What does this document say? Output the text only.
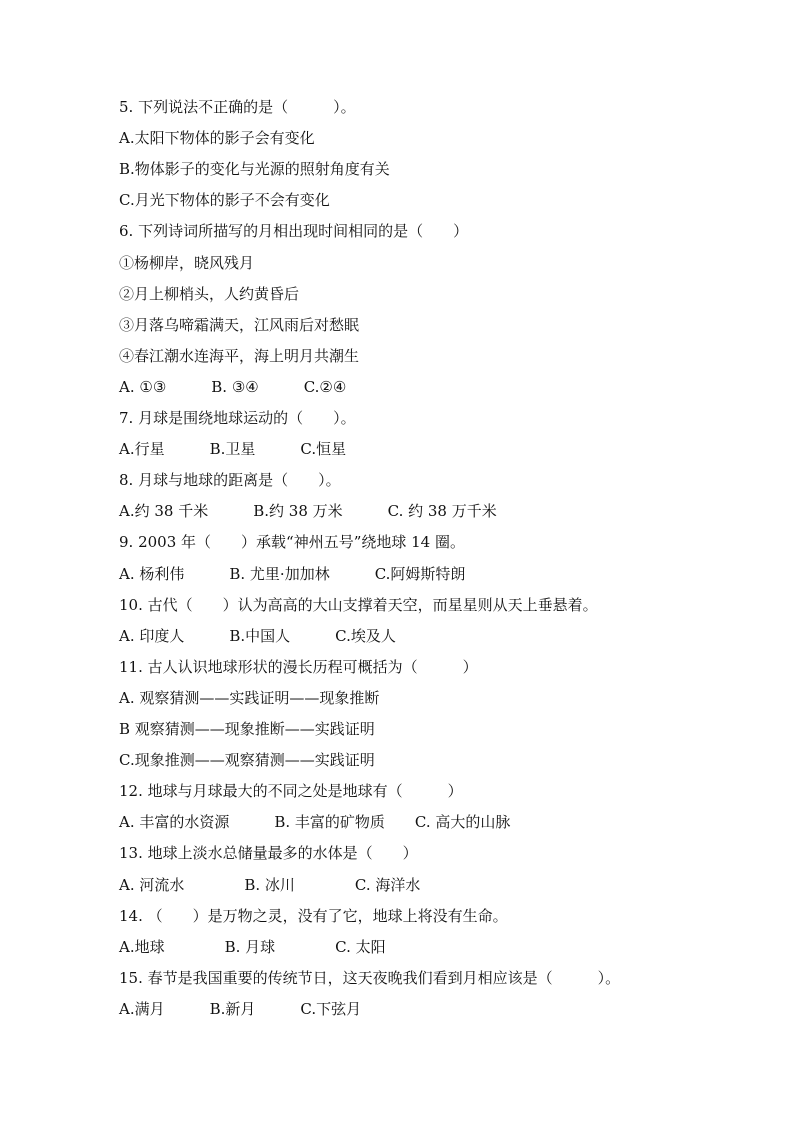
5. 下列说法不正确的是（　　　）。
A.太阳下物体的影子会有变化
B.物体影子的变化与光源的照射角度有关
C.月光下物体的影子不会有变化
6. 下列诗词所描写的月相出现时间相同的是（　　）
①杨柳岸，晓风残月
②月上柳梢头，人约黄昏后
③月落乌啼霜满天，江风雨后对愁眠
④春江潮水连海平，海上明月共潮生
A. ①③　　　B. ③④　　　C.②④
7. 月球是围绕地球运动的（　　）。
A.行星　　　B.卫星　　　C.恒星
8. 月球与地球的距离是（　　）。
A.约 38 千米　　　B.约 38 万米　　　C. 约 38 万千米
9. 2003 年（　　）承载“神州五号”绕地球 14 圈。
A. 杨利伟　　　B. 尤里·加加林　　　C.阿姆斯特朗
10. 古代（　　）认为高高的大山支撑着天空，而星星则从天上垂悬着。
A. 印度人　　　B.中国人　　　C.埃及人
11. 古人认识地球形状的漫长历程可概括为（　　　）
A. 观察猜测——实践证明——现象推断
B 观察猜测——现象推断——实践证明
C.现象推测——观察猜测——实践证明
12. 地球与月球最大的不同之处是地球有（　　　）
A. 丰富的水资源　　　B. 丰富的矿物质　　C. 高大的山脉
13. 地球上淡水总储量最多的水体是（　　）
A. 河流水　　　　B. 冰川　　　　C. 海洋水
14. （　　）是万物之灵，没有了它，地球上将没有生命。
A.地球　　　　B. 月球　　　　C. 太阳
15. 春节是我国重要的传统节日，这天夜晚我们看到月相应该是（　　　）。
A.满月　　　B.新月　　　C.下弦月
